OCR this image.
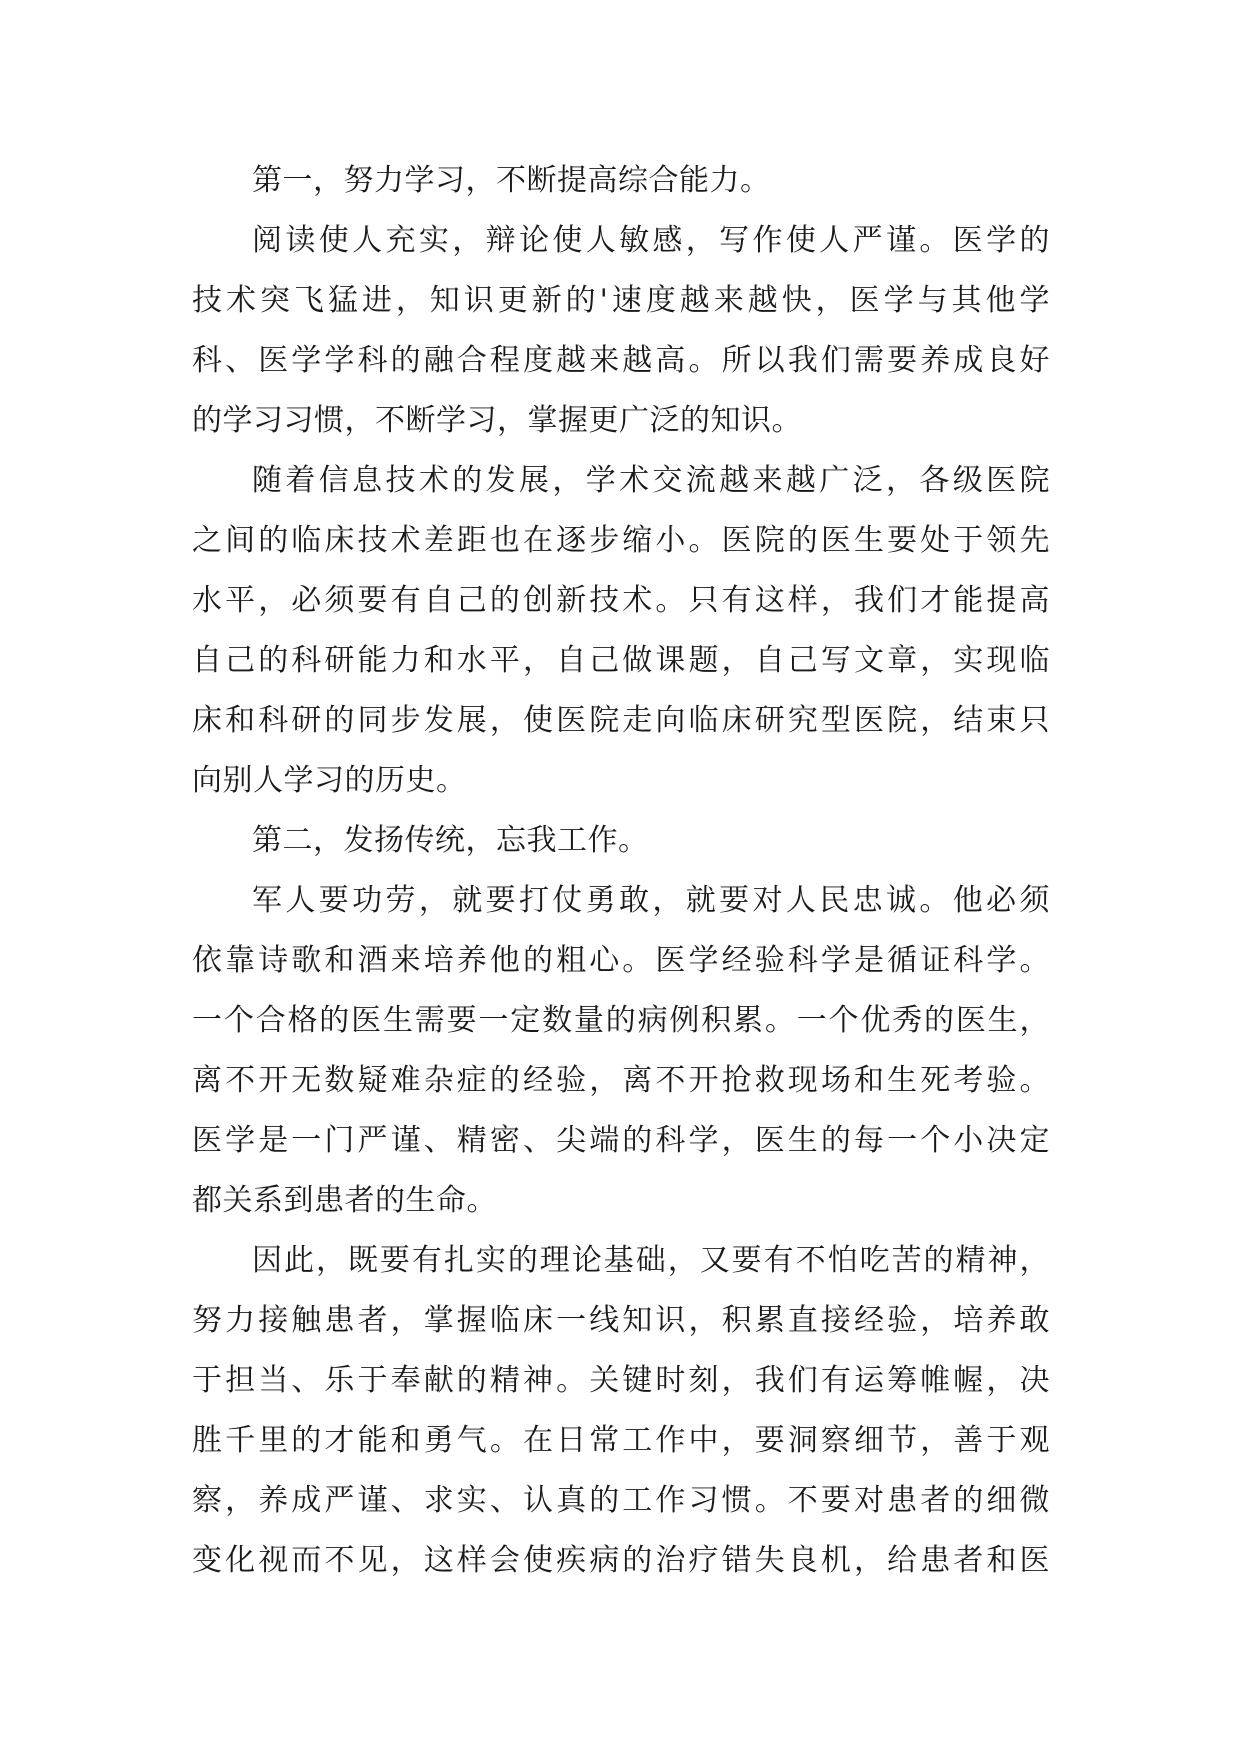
第一，努力学习，不断提高综合能力。
阅读使人充实，辩论使人敏感，写作使人严谨。医学的
技术突飞猛进，知识更新的'速度越来越快，医学与其他学
科、医学学科的融合程度越来越高。所以我们需要养成良好
的学习习惯，不断学习，掌握更广泛的知识。
随着信息技术的发展，学术交流越来越广泛，各级医院
之间的临床技术差距也在逐步缩小。医院的医生要处于领先
水平，必须要有自己的创新技术。只有这样，我们才能提高
自己的科研能力和水平，自己做课题，自己写文章，实现临
床和科研的同步发展，使医院走向临床研究型医院，结束只
向别人学习的历史。
第二，发扬传统，忘我工作。
军人要功劳，就要打仗勇敢，就要对人民忠诚。他必须
依靠诗歌和酒来培养他的粗心。医学经验科学是循证科学。
一个合格的医生需要一定数量的病例积累。一个优秀的医生，
离不开无数疑难杂症的经验，离不开抢救现场和生死考验。
医学是一门严谨、精密、尖端的科学，医生的每一个小决定
都关系到患者的生命。
因此，既要有扎实的理论基础，又要有不怕吃苦的精神，
努力接触患者，掌握临床一线知识，积累直接经验，培养敢
于担当、乐于奉献的精神。关键时刻，我们有运筹帷幄，决
胜千里的才能和勇气。在日常工作中，要洞察细节，善于观
察，养成严谨、求实、认真的工作习惯。不要对患者的细微
变化视而不见，这样会使疾病的治疗错失良机，给患者和医
